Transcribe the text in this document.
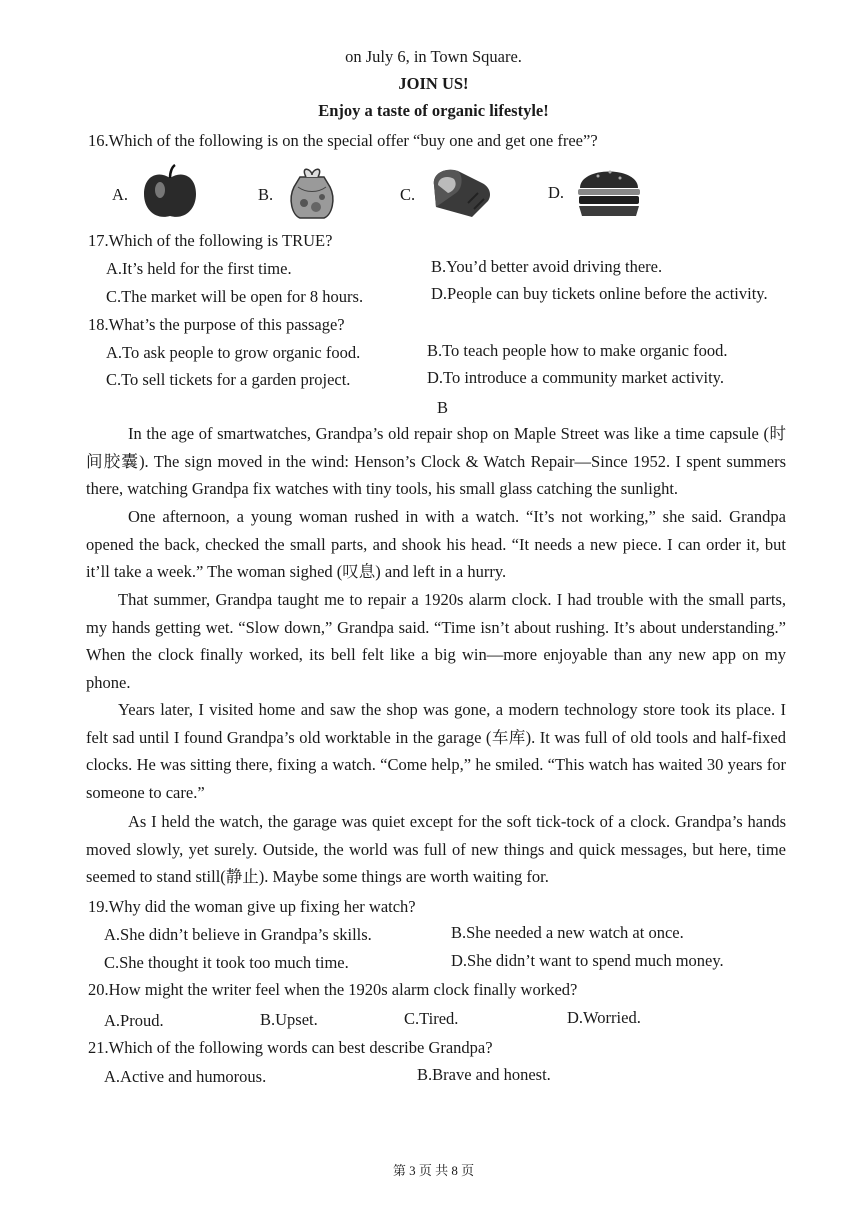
on July 6, in Town Square.
JOIN US!
Enjoy a taste of organic lifestyle!
16.Which of the following is on the special offer “buy one and get one free”?
A.	B.	C.	D.
17.Which of the following is TRUE?
A.It’s held for the first time.	B.You’d better avoid driving there.
C.The market will be open for 8 hours.	D.People can buy tickets online before the activity.
18.What’s the purpose of this passage?
A.To ask people to grow organic food.	B.To teach people how to make organic food.
C.To sell tickets for a garden project.	D.To introduce a community market activity.
B
In the age of smartwatches, Grandpa’s old repair shop on Maple Street was like a time capsule (时间胶囊). The sign moved in the wind: Henson’s Clock & Watch Repair—Since 1952. I spent summers there, watching Grandpa fix watches with tiny tools, his small glass catching the sunlight.
One afternoon, a young woman rushed in with a watch. “It’s not working,” she said. Grandpa opened the back, checked the small parts, and shook his head. “It needs a new piece. I can order it, but it’ll take a week.” The woman sighed (叹息) and left in a hurry.
That summer, Grandpa taught me to repair a 1920s alarm clock. I had trouble with the small parts, my hands getting wet. “Slow down,” Grandpa said. “Time isn’t about rushing. It’s about understanding.” When the clock finally worked, its bell felt like a big win—more enjoyable than any new app on my phone.
Years later, I visited home and saw the shop was gone, a modern technology store took its place. I felt sad until I found Grandpa’s old worktable in the garage (车库). It was full of old tools and half-fixed clocks. He was sitting there, fixing a watch. “Come help,” he smiled. “This watch has waited 30 years for someone to care.”
As I held the watch, the garage was quiet except for the soft tick-tock of a clock. Grandpa’s hands moved slowly, yet surely. Outside, the world was full of new things and quick messages, but here, time seemed to stand still(静止). Maybe some things are worth waiting for.
19.Why did the woman give up fixing her watch?
A.She didn’t believe in Grandpa’s skills.	B.She needed a new watch at once.
C.She thought it took too much time.	D.She didn’t want to spend much money.
20.How might the writer feel when the 1920s alarm clock finally worked?
A.Proud.	B.Upset.	C.Tired.	D.Worried.
21.Which of the following words can best describe Grandpa?
A.Active and humorous.	B.Brave and honest.
第 3 页 共 8 页
